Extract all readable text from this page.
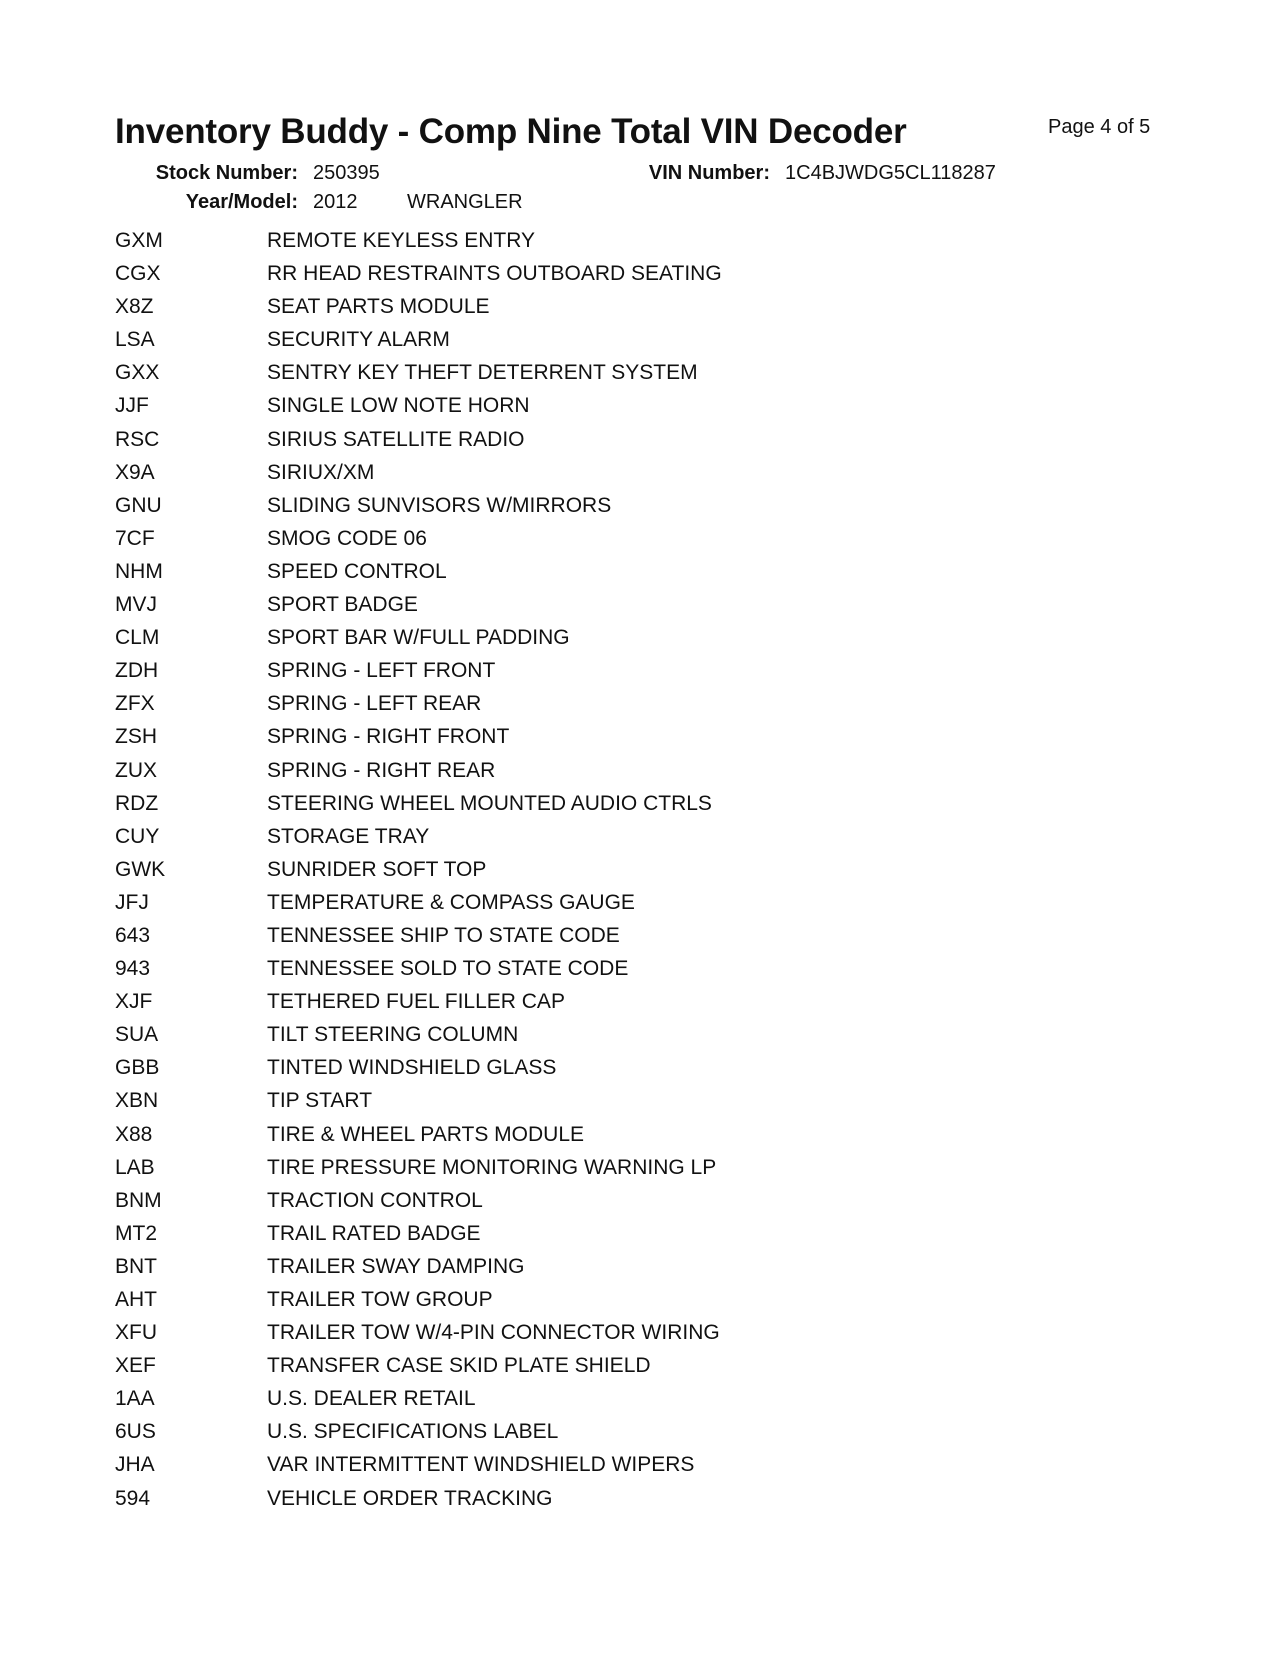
Inventory Buddy - Comp Nine Total VIN Decoder	Page 4 of 5
Stock Number: 250395	VIN Number: 1C4BJWDG5CL118287
Year/Model: 2012 WRANGLER
GXM	REMOTE KEYLESS ENTRY
CGX	RR HEAD RESTRAINTS OUTBOARD SEATING
X8Z	SEAT PARTS MODULE
LSA	SECURITY ALARM
GXX	SENTRY KEY THEFT DETERRENT SYSTEM
JJF	SINGLE LOW NOTE HORN
RSC	SIRIUS SATELLITE RADIO
X9A	SIRIUX/XM
GNU	SLIDING SUNVISORS W/MIRRORS
7CF	SMOG CODE 06
NHM	SPEED CONTROL
MVJ	SPORT BADGE
CLM	SPORT BAR W/FULL PADDING
ZDH	SPRING - LEFT FRONT
ZFX	SPRING - LEFT REAR
ZSH	SPRING - RIGHT FRONT
ZUX	SPRING - RIGHT REAR
RDZ	STEERING WHEEL MOUNTED AUDIO CTRLS
CUY	STORAGE TRAY
GWK	SUNRIDER SOFT TOP
JFJ	TEMPERATURE & COMPASS GAUGE
643	TENNESSEE SHIP TO STATE CODE
943	TENNESSEE SOLD TO STATE CODE
XJF	TETHERED FUEL FILLER CAP
SUA	TILT STEERING COLUMN
GBB	TINTED WINDSHIELD GLASS
XBN	TIP START
X88	TIRE & WHEEL PARTS MODULE
LAB	TIRE PRESSURE MONITORING WARNING LP
BNM	TRACTION CONTROL
MT2	TRAIL RATED BADGE
BNT	TRAILER SWAY DAMPING
AHT	TRAILER TOW GROUP
XFU	TRAILER TOW W/4-PIN CONNECTOR WIRING
XEF	TRANSFER CASE SKID PLATE SHIELD
1AA	U.S. DEALER RETAIL
6US	U.S. SPECIFICATIONS LABEL
JHA	VAR INTERMITTENT WINDSHIELD WIPERS
594	VEHICLE ORDER TRACKING
